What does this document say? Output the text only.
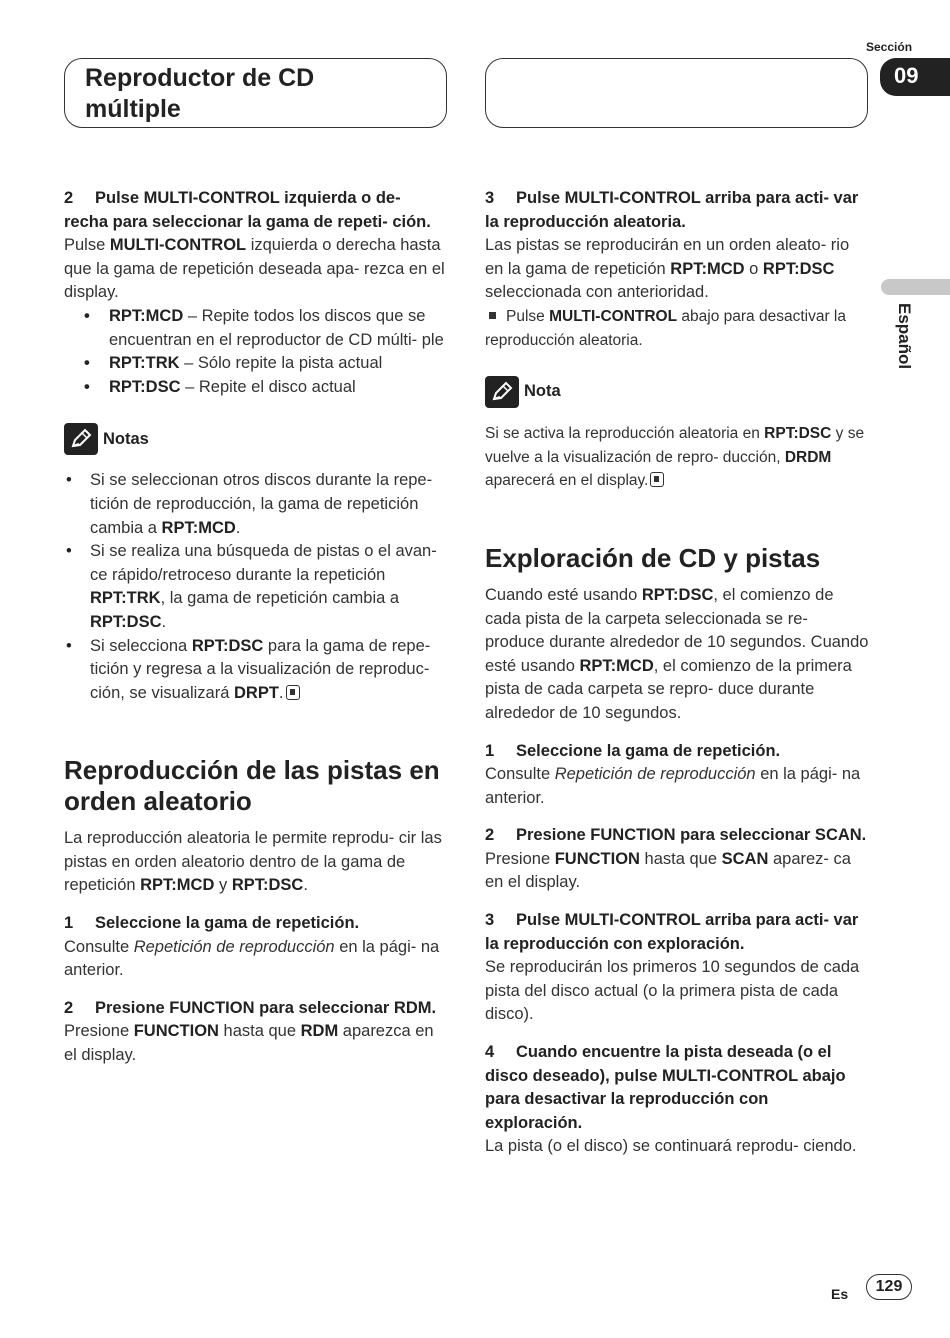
Reproductor de CD
múltiple
Sección
09
Español

2 Pulse MULTI-CONTROL izquierda o de- recha para seleccionar la gama de repeti- ción.

Pulse MULTI-CONTROL izquierda o derecha hasta que la gama de repetición deseada apa- rezca en el display.

• RPT:MCD – Repite todos los discos que se encuentran en el reproductor de CD múlti- ple
• RPT:TRK – Sólo repite la pista actual
• RPT:DSC – Repite el disco actual
Notas
• Si se seleccionan otros discos durante la repe- tición de reproducción, la gama de repetición cambia a RPT:MCD.
• Si se realiza una búsqueda de pistas o el avan- ce rápido/retroceso durante la repetición RPT:TRK, la gama de repetición cambia a RPT:DSC.
• Si selecciona RPT:DSC para la gama de repe- tición y regresa a la visualización de reproduc- ción, se visualizará DRPT.
Reproducción de las pistas en orden aleatorio

La reproducción aleatoria le permite reprodu- cir las pistas en orden aleatorio dentro de la gama de repetición RPT:MCD y RPT:DSC.

1 Seleccione la gama de repetición.

Consulte Repetición de reproducción en la pági- na anterior.

2 Presione FUNCTION para seleccionar RDM.

Presione FUNCTION hasta que RDM aparezca en el display.

3 Pulse MULTI-CONTROL arriba para acti- var la reproducción aleatoria.

Las pistas se reproducirán en un orden aleato- rio en la gama de repetición RPT:MCD o RPT:DSC seleccionada con anterioridad.

Pulse MULTI-CONTROL abajo para desactivar la reproducción aleatoria.

Nota

Si se activa la reproducción aleatoria en RPT:DSC y se vuelve a la visualización de repro- ducción, DRDM aparecerá en el display.

Exploración de CD y pistas

Cuando esté usando RPT:DSC, el comienzo de cada pista de la carpeta seleccionada se re- produce durante alrededor de 10 segundos. Cuando esté usando RPT:MCD, el comienzo de la primera pista de cada carpeta se repro- duce durante alrededor de 10 segundos.

1 Seleccione la gama de repetición.

Consulte Repetición de reproducción en la pági- na anterior.

2 Presione FUNCTION para seleccionar SCAN.

Presione FUNCTION hasta que SCAN aparez- ca en el display.

3 Pulse MULTI-CONTROL arriba para acti- var la reproducción con exploración.

Se reproducirán los primeros 10 segundos de cada pista del disco actual (o la primera pista de cada disco).

4 Cuando encuentre la pista deseada (o el disco deseado), pulse MULTI-CONTROL abajo para desactivar la reproducción con exploración.

La pista (o el disco) se continuará reprodu- ciendo.

Es	129
